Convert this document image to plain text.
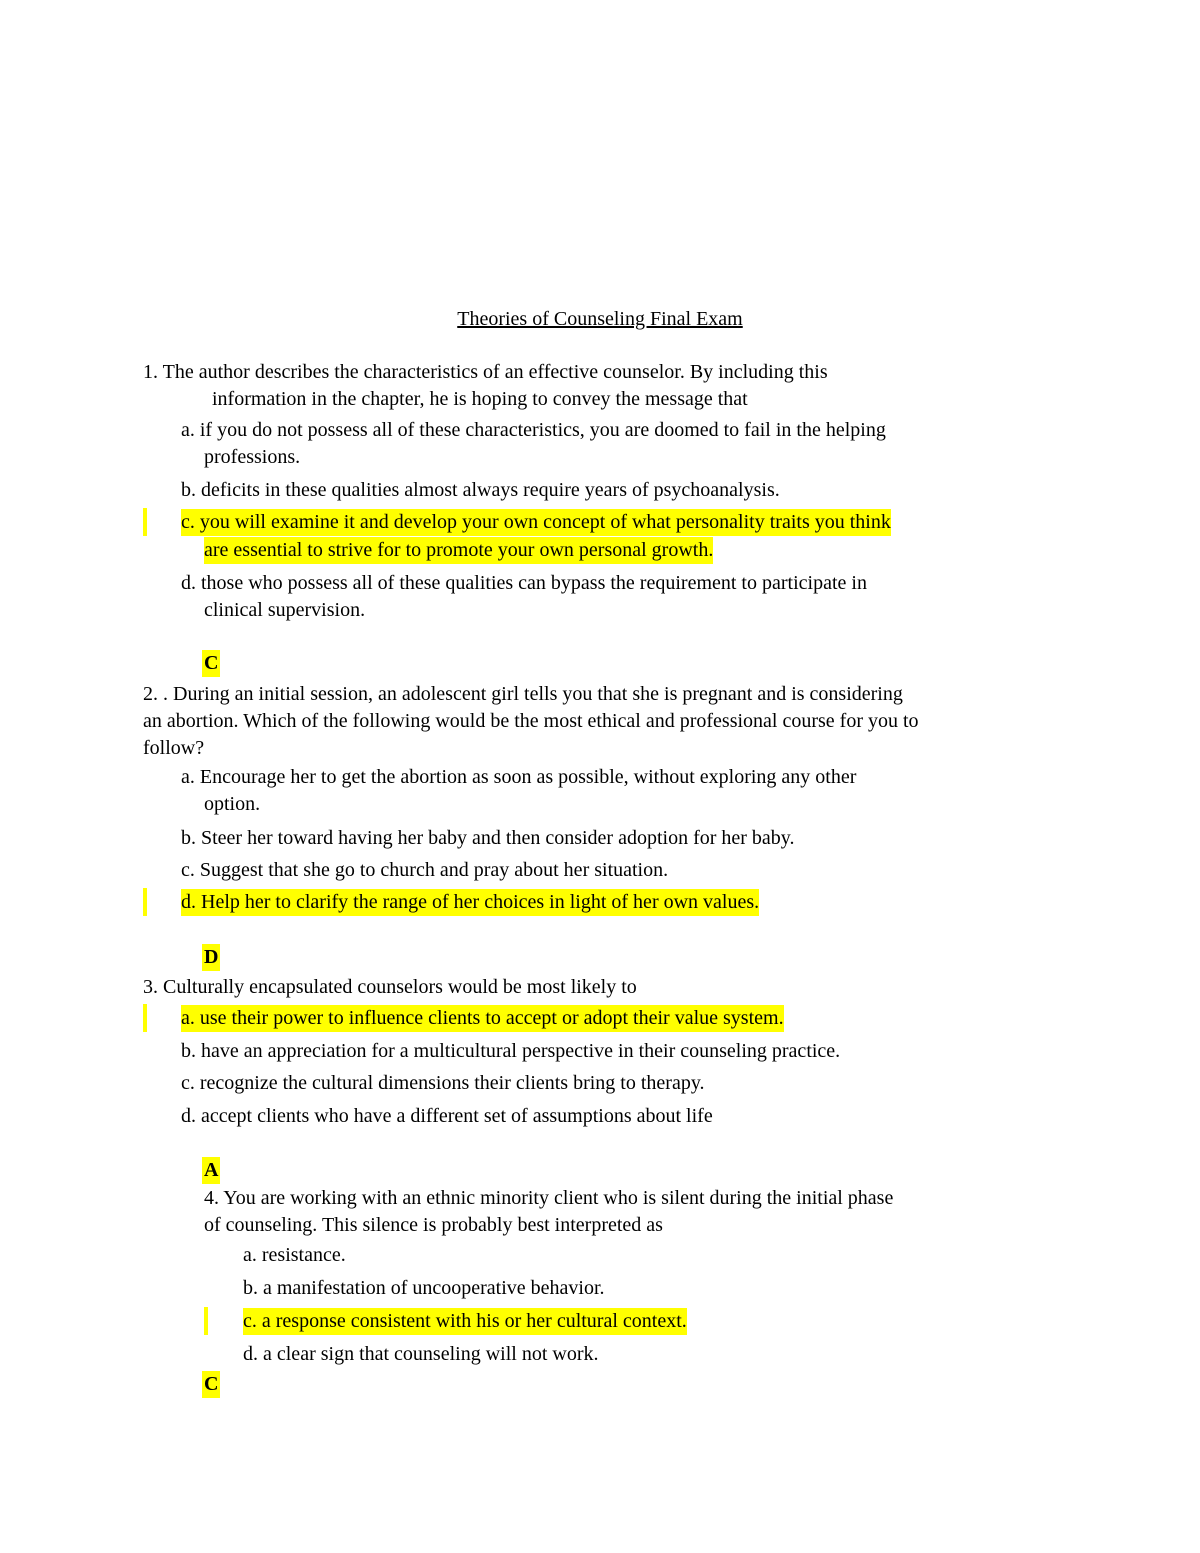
Theories of Counseling Final Exam
1. The author describes the characteristics of an effective counselor. By including this
information in the chapter, he is hoping to convey the message that
a. if you do not possess all of these characteristics, you are doomed to fail in the helping
professions.
b. deficits in these qualities almost always require years of psychoanalysis.
c. you will examine it and develop your own concept of what personality traits you think
are essential to strive for to promote your own personal growth.
d. those who possess all of these qualities can bypass the requirement to participate in
clinical supervision.
C
2. . During an initial session, an adolescent girl tells you that she is pregnant and is considering
an abortion. Which of the following would be the most ethical and professional course for you to
follow?
a. Encourage her to get the abortion as soon as possible, without exploring any other
option.
b. Steer her toward having her baby and then consider adoption for her baby.
c. Suggest that she go to church and pray about her situation.
d. Help her to clarify the range of her choices in light of her own values.
D
3. Culturally encapsulated counselors would be most likely to
a. use their power to influence clients to accept or adopt their value system.
b. have an appreciation for a multicultural perspective in their counseling practice.
c. recognize the cultural dimensions their clients bring to therapy.
d. accept clients who have a different set of assumptions about life
A
4. You are working with an ethnic minority client who is silent during the initial phase
of counseling. This silence is probably best interpreted as
a. resistance.
b. a manifestation of uncooperative behavior.
c. a response consistent with his or her cultural context.
d. a clear sign that counseling will not work.
C
